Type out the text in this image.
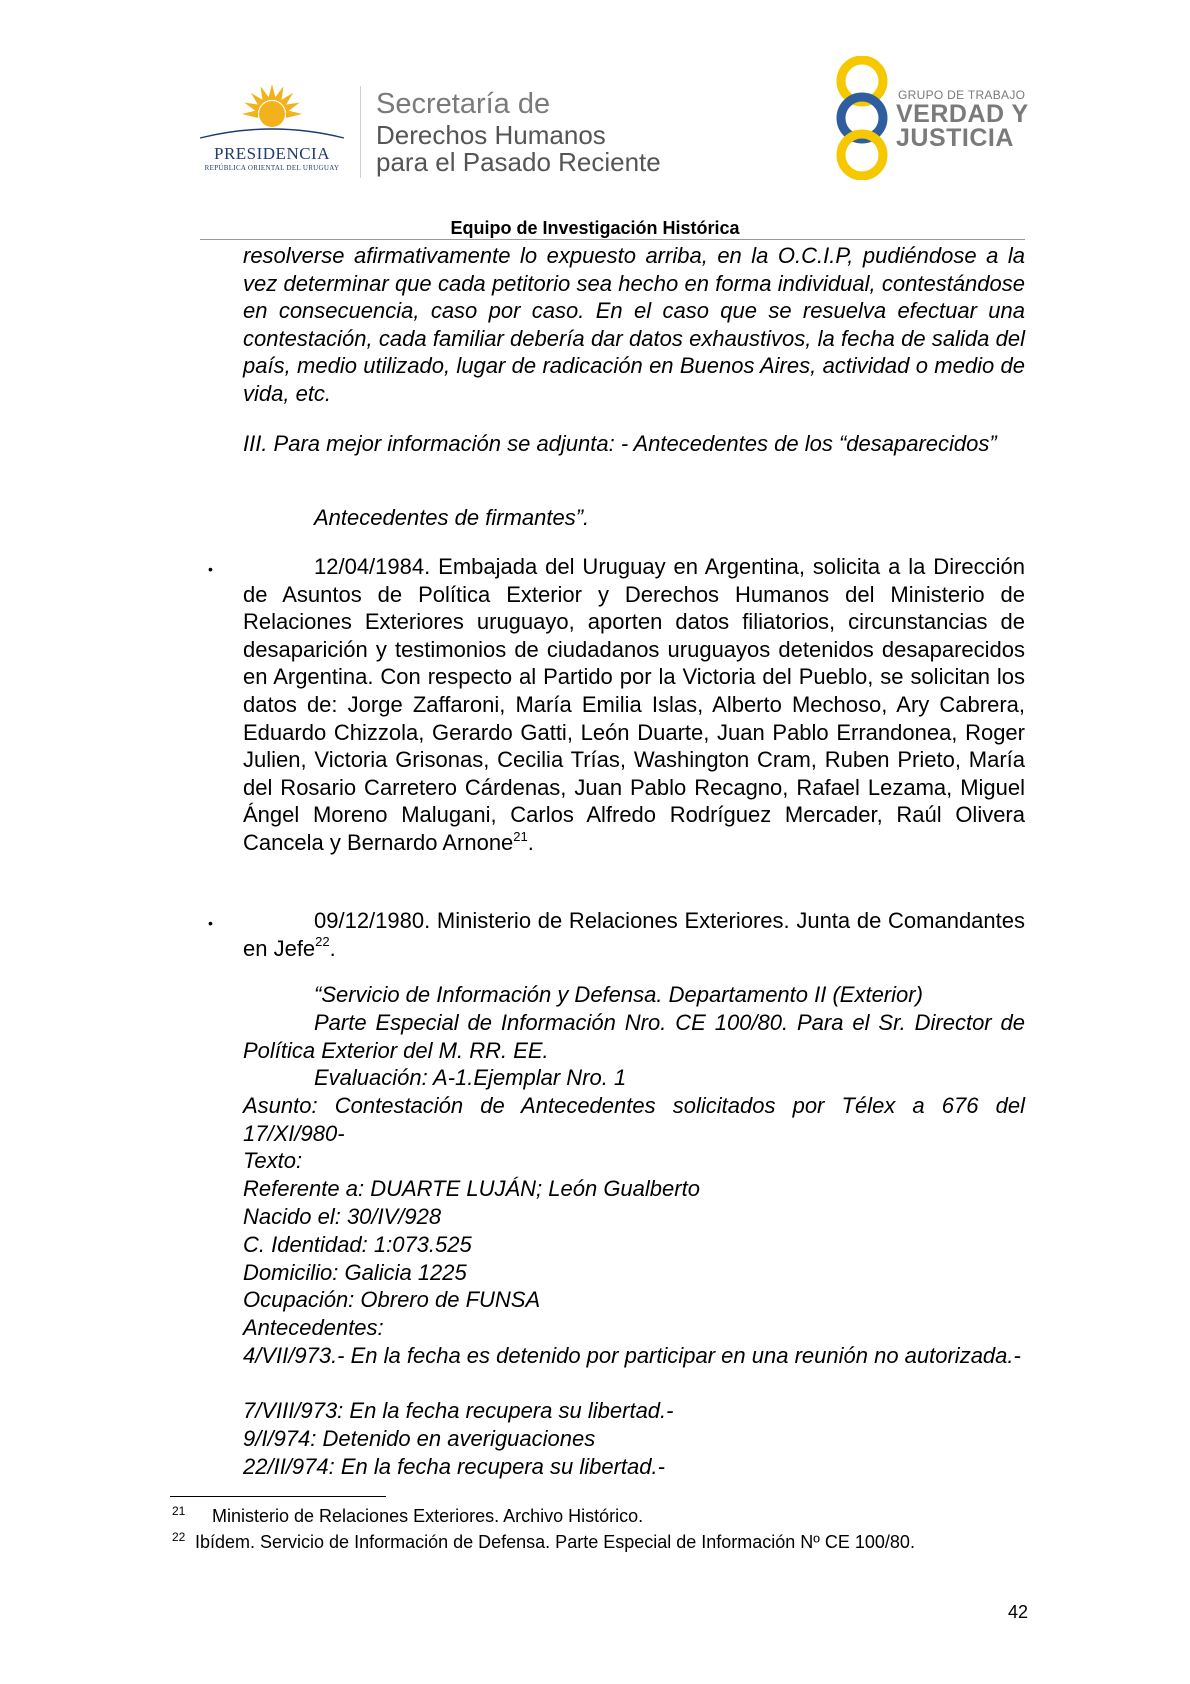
PRESIDENCIA
REPÚBLICA ORIENTAL DEL URUGUAY
Secretaría de
Derechos Humanos
para el Pasado Reciente
GRUPO DE TRABAJO
VERDAD Y
JUSTICIA
Equipo de Investigación Histórica
resolverse afirmativamente lo expuesto arriba, en la O.C.I.P, pudiéndose a la vez determinar que cada petitorio sea hecho en forma individual, contestándose en consecuencia, caso por caso. En el caso que se resuelva efectuar una contestación, cada familiar debería dar datos exhaustivos, la fecha de salida del país, medio utilizado, lugar de radicación en Buenos Aires, actividad o medio de vida, etc.
III. Para mejor información se adjunta: - Antecedentes de los “desaparecidos”
Antecedentes de firmantes”.
•	12/04/1984. Embajada del Uruguay en Argentina, solicita a la Dirección de Asuntos de Política Exterior y Derechos Humanos del Ministerio de Relaciones Exteriores uruguayo, aporten datos filiatorios, circunstancias de desaparición y testimonios de ciudadanos uruguayos detenidos desaparecidos en Argentina. Con respecto al Partido por la Victoria del Pueblo, se solicitan los datos de: Jorge Zaffaroni, María Emilia Islas, Alberto Mechoso, Ary Cabrera, Eduardo Chizzola, Gerardo Gatti, León Duarte, Juan Pablo Errandonea, Roger Julien, Victoria Grisonas, Cecilia Trías, Washington Cram, Ruben Prieto, María del Rosario Carretero Cárdenas, Juan Pablo Recagno, Rafael Lezama, Miguel Ángel Moreno Malugani, Carlos Alfredo Rodríguez Mercader, Raúl Olivera Cancela y Bernardo Arnone$^{21}$.
•	09/12/1980. Ministerio de Relaciones Exteriores. Junta de Comandantes en Jefe$^{22}$.
“Servicio de Información y Defensa. Departamento II (Exterior)
Parte Especial de Información Nro. CE 100/80. Para el Sr. Director de Política Exterior del M. RR. EE.
Evaluación: A-1.Ejemplar Nro. 1
Asunto: Contestación de Antecedentes solicitados por Télex a 676 del 17/XI/980-
Texto:
Referente a: DUARTE LUJÁN; León Gualberto
Nacido el: 30/IV/928
C. Identidad: 1:073.525
Domicilio: Galicia 1225
Ocupación: Obrero de FUNSA
Antecedentes:
4/VII/973.- En la fecha es detenido por participar en una reunión no autorizada.-
7/VIII/973: En la fecha recupera su libertad.-
9/I/974: Detenido en averiguaciones
22/II/974: En la fecha recupera su libertad.-
21 Ministerio de Relaciones Exteriores. Archivo Histórico.
22 Ibídem. Servicio de Información de Defensa. Parte Especial de Información Nº CE 100/80.
42
